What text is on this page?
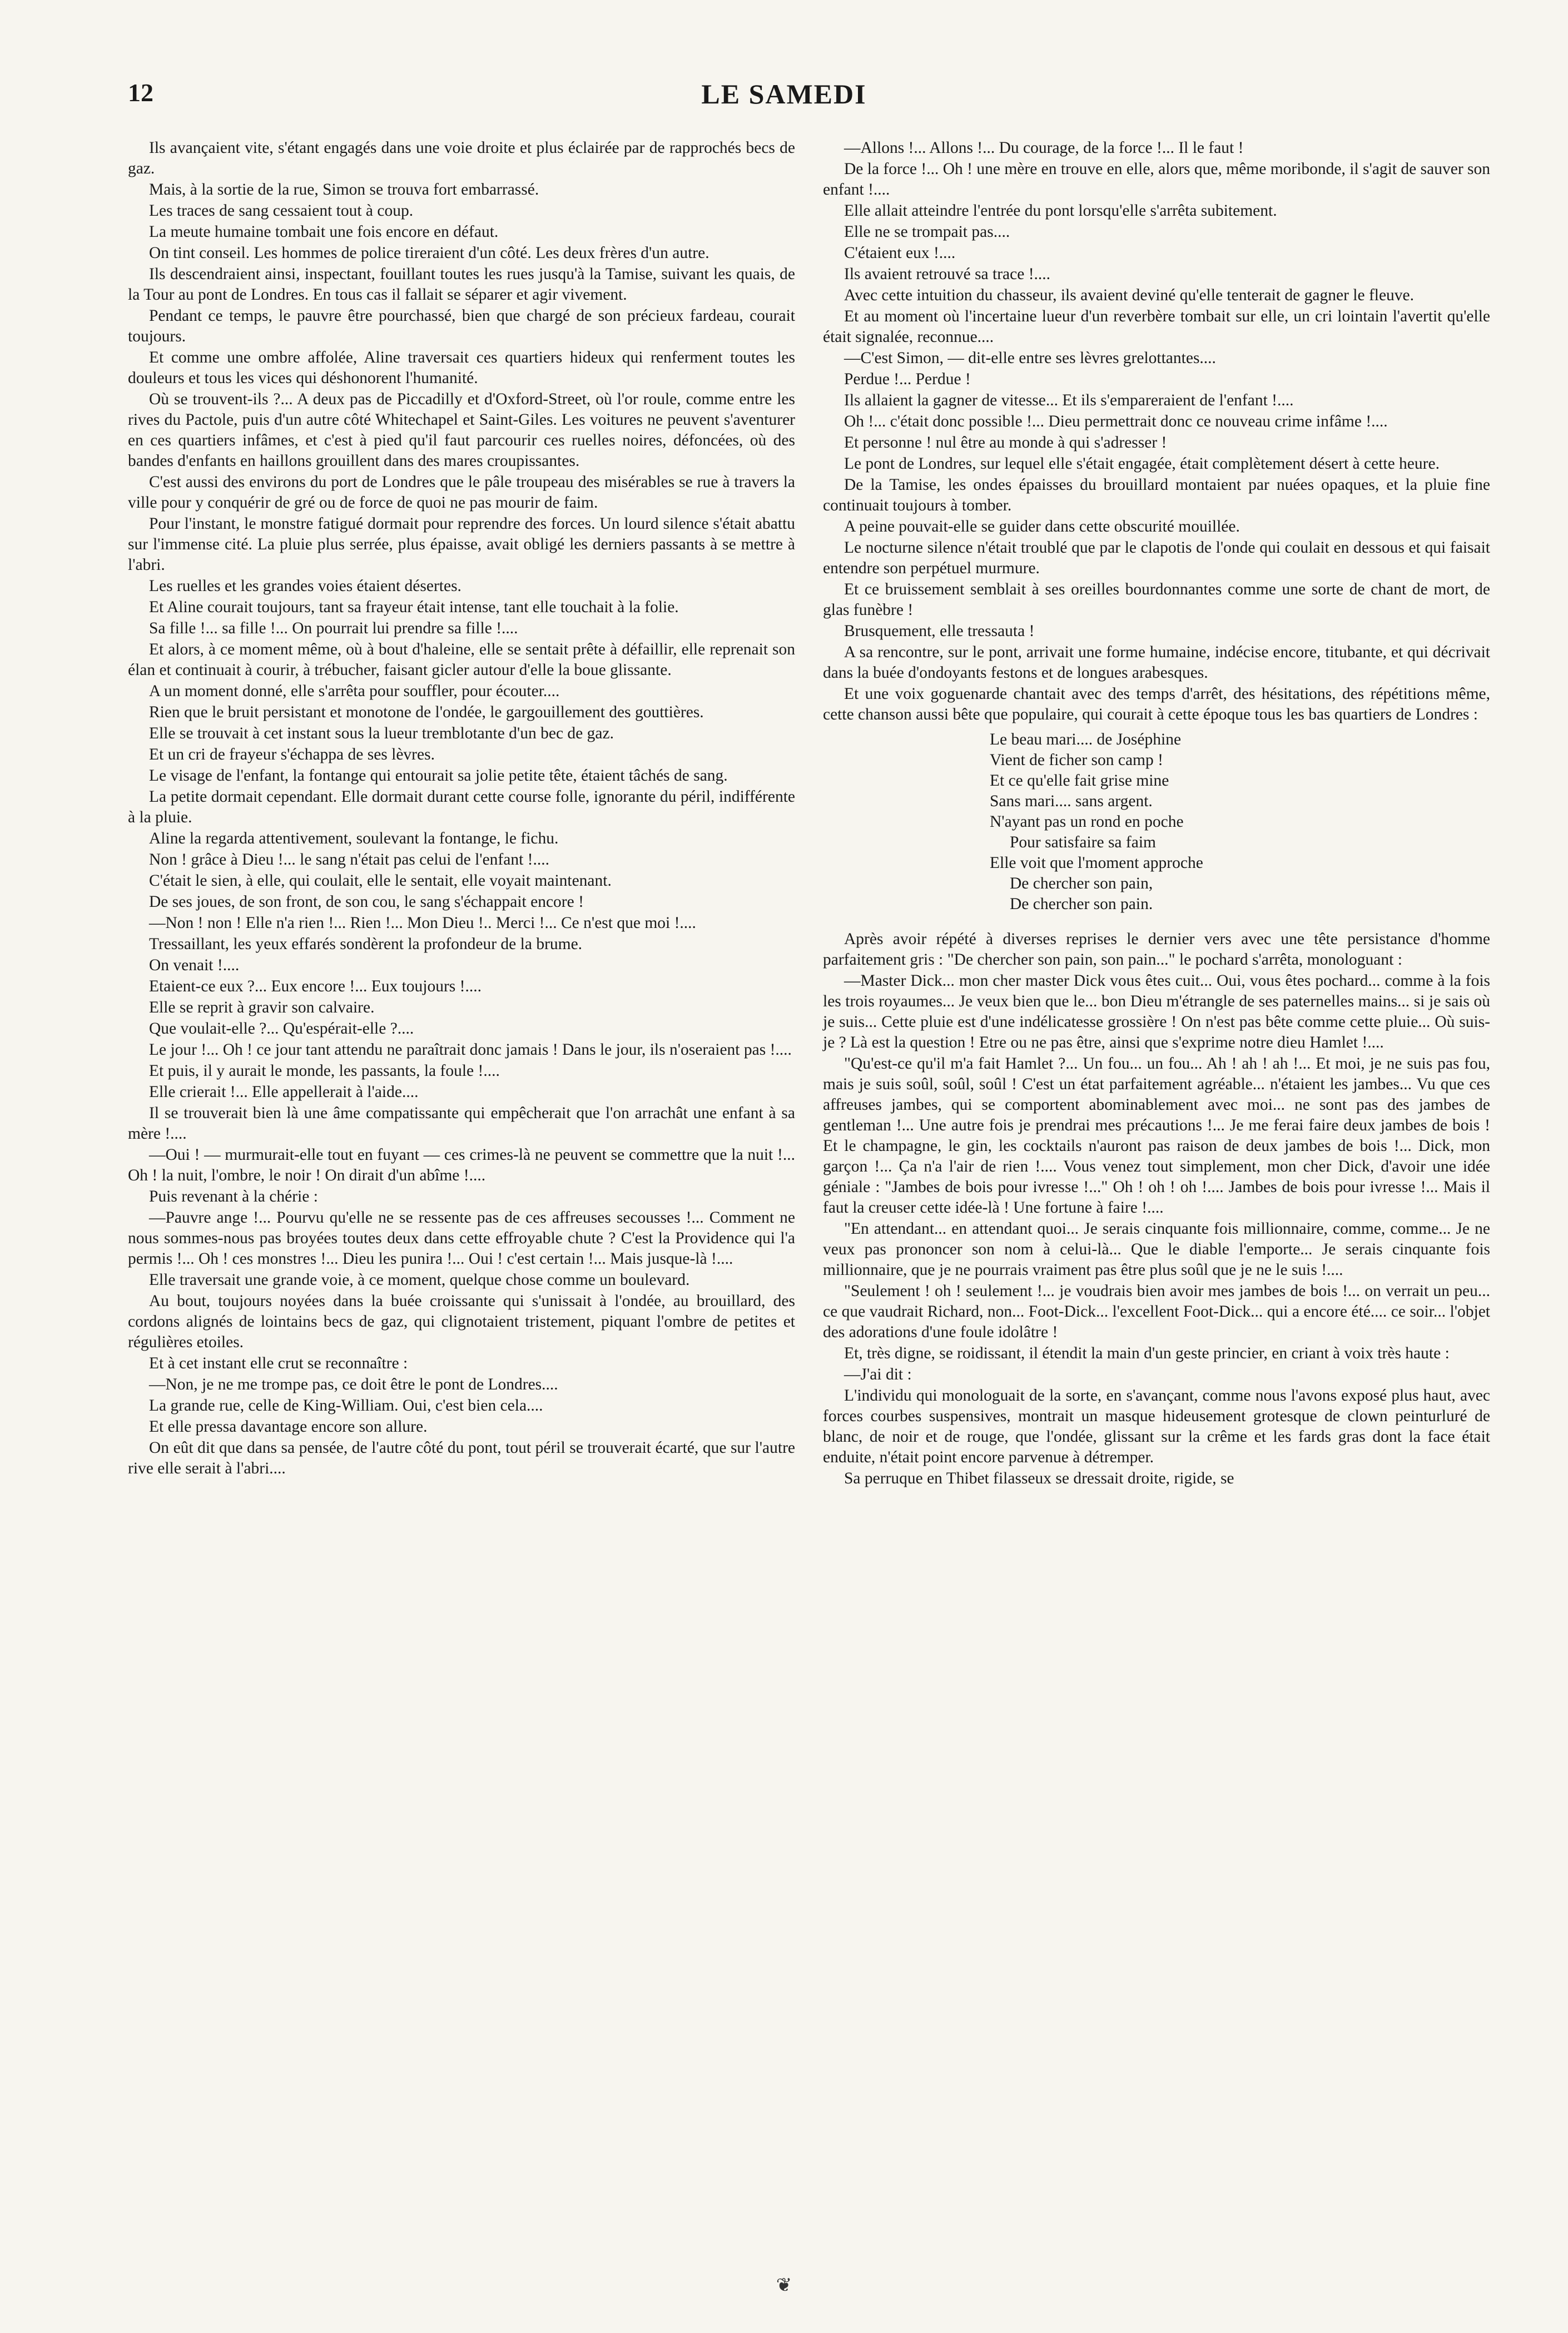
12	LE SAMEDI

Ils avançaient vite, s'étant engagés dans une voie droite et plus éclairée par de rapprochés becs de gaz.

Mais, à la sortie de la rue, Simon se trouva fort embarrassé.

Les traces de sang cessaient tout à coup.

La meute humaine tombait une fois encore en défaut.

On tint conseil. Les hommes de police tireraient d'un côté. Les deux frères d'un autre.

Ils descendraient ainsi, inspectant, fouillant toutes les rues jusqu'à la Tamise, suivant les quais, de la Tour au pont de Londres. En tous cas il fallait se séparer et agir vivement.

Pendant ce temps, le pauvre être pourchassé, bien que chargé de son précieux fardeau, courait toujours.

Et comme une ombre affolée, Aline traversait ces quartiers hideux qui renferment toutes les douleurs et tous les vices qui déshonorent l'humanité.

Où se trouvent-ils ?... A deux pas de Piccadilly et d'Oxford-Street, où l'or roule, comme entre les rives du Pactole, puis d'un autre côté Whitechapel et Saint-Giles. Les voitures ne peuvent s'aventurer en ces quartiers infâmes, et c'est à pied qu'il faut parcourir ces ruelles noires, défoncées, où des bandes d'enfants en haillons grouillent dans des mares croupissantes.

C'est aussi des environs du port de Londres que le pâle troupeau des misérables se rue à travers la ville pour y conquérir de gré ou de force de quoi ne pas mourir de faim.

Pour l'instant, le monstre fatigué dormait pour reprendre des forces. Un lourd silence s'était abattu sur l'immense cité. La pluie plus serrée, plus épaisse, avait obligé les derniers passants à se mettre à l'abri.

Les ruelles et les grandes voies étaient désertes.

Et Aline courait toujours, tant sa frayeur était intense, tant elle touchait à la folie.

Sa fille !... sa fille !... On pourrait lui prendre sa fille !....

Et alors, à ce moment même, où à bout d'haleine, elle se sentait prête à défaillir, elle reprenait son élan et continuait à courir, à trébucher, faisant gicler autour d'elle la boue glissante.

A un moment donné, elle s'arrêta pour souffler, pour écouter....

Rien que le bruit persistant et monotone de l'ondée, le gargouillement des gouttières.

Elle se trouvait à cet instant sous la lueur tremblotante d'un bec de gaz.

Et un cri de frayeur s'échappa de ses lèvres.

Le visage de l'enfant, la fontange qui entourait sa jolie petite tête, étaient tâchés de sang.

La petite dormait cependant. Elle dormait durant cette course folle, ignorante du péril, indifférente à la pluie.

Aline la regarda attentivement, soulevant la fontange, le fichu.

Non ! grâce à Dieu !... le sang n'était pas celui de l'enfant !....

C'était le sien, à elle, qui coulait, elle le sentait, elle voyait maintenant.

De ses joues, de son front, de son cou, le sang s'échappait encore !

—Non ! non ! Elle n'a rien !... Rien !... Mon Dieu !.. Merci !... Ce n'est que moi !....

Tressaillant, les yeux effarés sondèrent la profondeur de la brume.

On venait !....

Etaient-ce eux ?... Eux encore !... Eux toujours !....

Elle se reprit à gravir son calvaire.

Que voulait-elle ?... Qu'espérait-elle ?....

Le jour !... Oh ! ce jour tant attendu ne paraîtrait donc jamais ! Dans le jour, ils n'oseraient pas !....

Et puis, il y aurait le monde, les passants, la foule !....

Elle crierait !... Elle appellerait à l'aide....

Il se trouverait bien là une âme compatissante qui empêcherait que l'on arrachât une enfant à sa mère !....

—Oui ! — murmurait-elle tout en fuyant — ces crimes-là ne peuvent se commettre que la nuit !... Oh ! la nuit, l'ombre, le noir ! On dirait d'un abîme !....

Puis revenant à la chérie :

—Pauvre ange !... Pourvu qu'elle ne se ressente pas de ces affreuses secousses !... Comment ne nous sommes-nous pas broyées toutes deux dans cette effroyable chute ? C'est la Providence qui l'a permis !... Oh ! ces monstres !... Dieu les punira !... Oui ! c'est certain !... Mais jusque-là !....

Elle traversait une grande voie, à ce moment, quelque chose comme un boulevard.

Au bout, toujours noyées dans la buée croissante qui s'unissait à l'ondée, au brouillard, des cordons alignés de lointains becs de gaz, qui clignotaient tristement, piquant l'ombre de petites et régulières etoiles.

Et à cet instant elle crut se reconnaître :

—Non, je ne me trompe pas, ce doit être le pont de Londres....

La grande rue, celle de King-William. Oui, c'est bien cela....

Et elle pressa davantage encore son allure.

On eût dit que dans sa pensée, de l'autre côté du pont, tout péril se trouverait écarté, que sur l'autre rive elle serait à l'abri....

—Allons !... Allons !... Du courage, de la force !... Il le faut !

De la force !... Oh ! une mère en trouve en elle, alors que, même moribonde, il s'agit de sauver son enfant !....

Elle allait atteindre l'entrée du pont lorsqu'elle s'arrêta subitement.

Elle ne se trompait pas....

C'étaient eux !....

Ils avaient retrouvé sa trace !....

Avec cette intuition du chasseur, ils avaient deviné qu'elle tenterait de gagner le fleuve.

Et au moment où l'incertaine lueur d'un reverbère tombait sur elle, un cri lointain l'avertit qu'elle était signalée, reconnue....

—C'est Simon, — dit-elle entre ses lèvres grelottantes....

Perdue !... Perdue !

Ils allaient la gagner de vitesse... Et ils s'empareraient de l'enfant !....

Oh !... c'était donc possible !... Dieu permettrait donc ce nouveau crime infâme !....

Et personne ! nul être au monde à qui s'adresser !

Le pont de Londres, sur lequel elle s'était engagée, était complètement désert à cette heure.

De la Tamise, les ondes épaisses du brouillard montaient par nuées opaques, et la pluie fine continuait toujours à tomber.

A peine pouvait-elle se guider dans cette obscurité mouillée.

Le nocturne silence n'était troublé que par le clapotis de l'onde qui coulait en dessous et qui faisait entendre son perpétuel murmure.

Et ce bruissement semblait à ses oreilles bourdonnantes comme une sorte de chant de mort, de glas funèbre !

Brusquement, elle tressauta !

A sa rencontre, sur le pont, arrivait une forme humaine, indécise encore, titubante, et qui décrivait dans la buée d'ondoyants festons et de longues arabesques.

Et une voix goguenarde chantait avec des temps d'arrêt, des hésitations, des répétitions même, cette chanson aussi bête que populaire, qui courait à cette époque tous les bas quartiers de Londres :

Le beau mari.... de Joséphine
Vient de ficher son camp !
Et ce qu'elle fait grise mine
Sans mari.... sans argent.
N'ayant pas un rond en poche
Pour satisfaire sa faim
Elle voit que l'moment approche
De chercher son pain,
De chercher son pain.

Après avoir répété à diverses reprises le dernier vers avec une tête persistance d'homme parfaitement gris : "De chercher son pain, son pain..." le pochard s'arrêta, monologuant :

—Master Dick... mon cher master Dick vous êtes cuit... Oui, vous êtes pochard... comme à la fois les trois royaumes... Je veux bien que le... bon Dieu m'étrangle de ses paternelles mains... si je sais où je suis... Cette pluie est d'une indélicatesse grossière ! On n'est pas bête comme cette pluie... Où suis-je ? Là est la question ! Etre ou ne pas être, ainsi que s'exprime notre dieu Hamlet !....

"Qu'est-ce qu'il m'a fait Hamlet ?... Un fou... un fou... Ah ! ah ! ah !... Et moi, je ne suis pas fou, mais je suis soûl, soûl, soûl ! C'est un état parfaitement agréable... n'étaient les jambes... Vu que ces affreuses jambes, qui se comportent abominablement avec moi... ne sont pas des jambes de gentleman !... Une autre fois je prendrai mes précautions !... Je me ferai faire deux jambes de bois ! Et le champagne, le gin, les cocktails n'auront pas raison de deux jambes de bois !... Dick, mon garçon !... Ça n'a l'air de rien !.... Vous venez tout simplement, mon cher Dick, d'avoir une idée géniale : "Jambes de bois pour ivresse !..." Oh ! oh ! oh !.... Jambes de bois pour ivresse !... Mais il faut la creuser cette idée-là ! Une fortune à faire !....

"En attendant... en attendant quoi... Je serais cinquante fois millionnaire, comme, comme... Je ne veux pas prononcer son nom à celui-là... Que le diable l'emporte... Je serais cinquante fois millionnaire, que je ne pourrais vraiment pas être plus soûl que je ne le suis !....

"Seulement ! oh ! seulement !... je voudrais bien avoir mes jambes de bois !... on verrait un peu... ce que vaudrait Richard, non... Foot-Dick... l'excellent Foot-Dick... qui a encore été.... ce soir... l'objet des adorations d'une foule idolâtre !

Et, très digne, se roidissant, il étendit la main d'un geste princier, en criant à voix très haute :

—J'ai dit :

L'individu qui monologuait de la sorte, en s'avançant, comme nous l'avons exposé plus haut, avec forces courbes suspensives, montrait un masque hideusement grotesque de clown peinturluré de blanc, de noir et de rouge, que l'ondée, glissant sur la crême et les fards gras dont la face était enduite, n'était point encore parvenue à détremper.

Sa perruque en Thibet filasseux se dressait droite, rigide, se

❦
